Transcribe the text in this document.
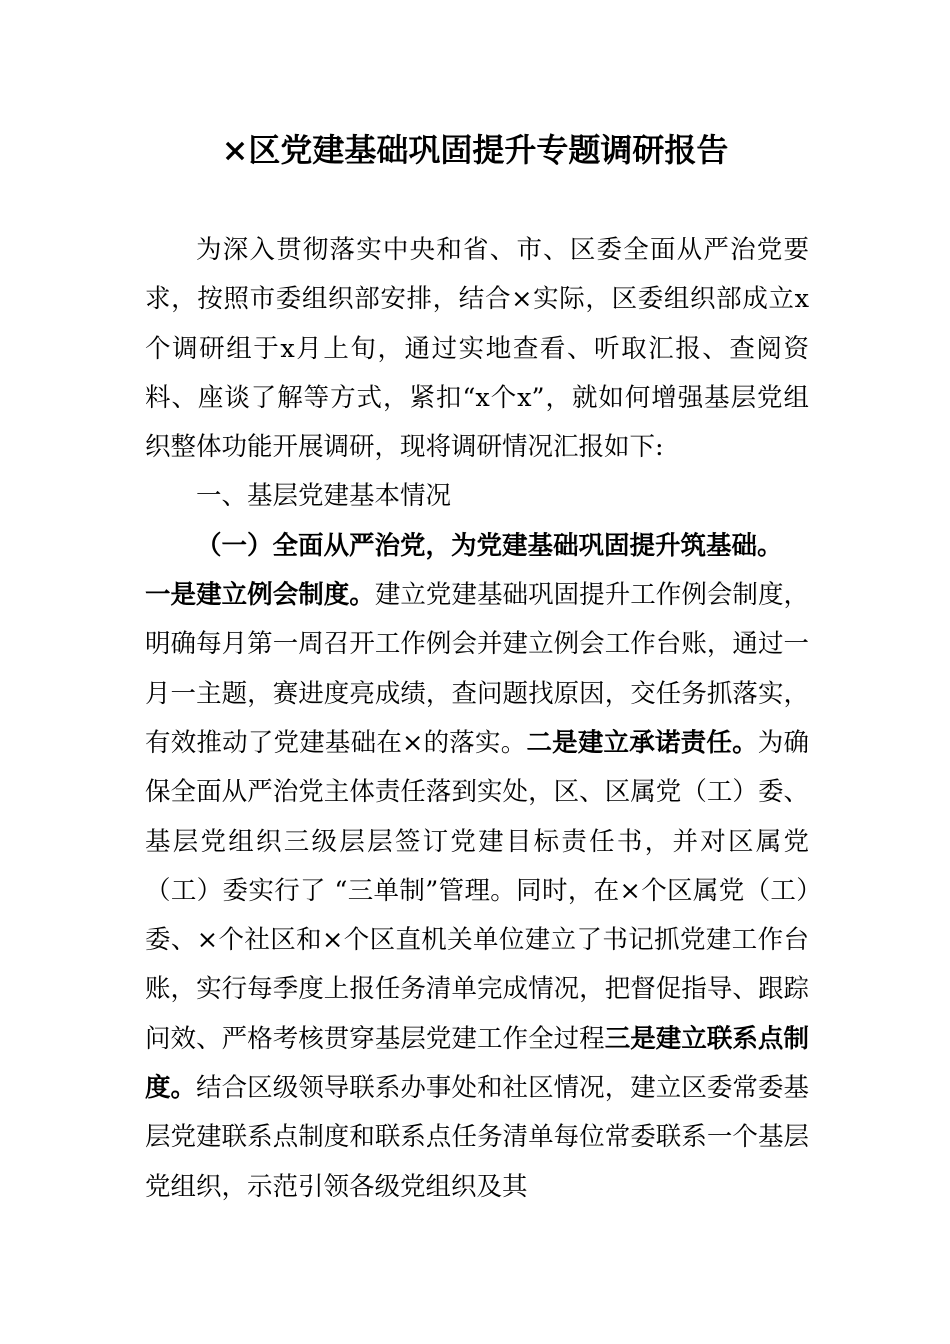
×区党建基础巩固提升专题调研报告

为深入贯彻落实中央和省、市、区委全面从严治党要求，按照市委组织部安排，结合×实际，区委组织部成立x个调研组于x月上旬，通过实地查看、听取汇报、查阅资料、座谈了解等方式，紧扣“x个x”，就如何增强基层党组织整体功能开展调研，现将调研情况汇报如下:

一、基层党建基本情况

（一）全面从严治党，为党建基础巩固提升筑基础。

一是建立例会制度。建立党建基础巩固提升工作例会制度，明确每月第一周召开工作例会并建立例会工作台账，通过一月一主题，赛进度亮成绩，查问题找原因，交任务抓落实，有效推动了党建基础在×的落实。二是建立承诺责任。为确保全面从严治党主体责任落到实处，区、区属党（工）委、基层党组织三级层层签订党建目标责任书，并对区属党（工）委实行了 “三单制”管理。同时，在×个区属党（工）委、×个社区和×个区直机关单位建立了书记抓党建工作台账，实行每季度上报任务清单完成情况，把督促指导、跟踪问效、严格考核贯穿基层党建工作全过程三是建立联系点制度。结合区级领导联系办事处和社区情况，建立区委常委基层党建联系点制度和联系点任务清单每位常委联系一个基层党组织，示范引领各级党组织及其
